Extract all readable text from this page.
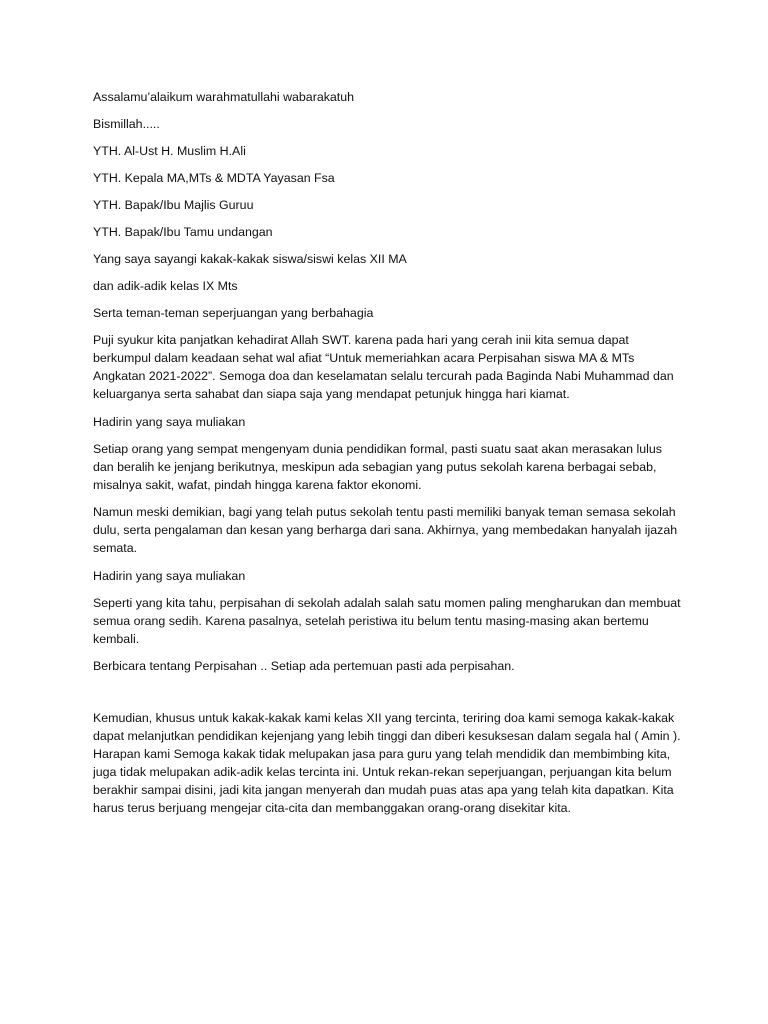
Assalamu’alaikum warahmatullahi wabarakatuh

Bismillah.....

YTH. Al-Ust H. Muslim H.Ali

YTH. Kepala MA,MTs & MDTA Yayasan Fsa

YTH. Bapak/Ibu Majlis Guruu

YTH. Bapak/Ibu Tamu undangan

Yang saya sayangi kakak-kakak siswa/siswi kelas XII MA

dan adik-adik kelas IX Mts

Serta teman-teman seperjuangan yang berbahagia

Puji syukur kita panjatkan kehadirat Allah SWT. karena pada hari yang cerah inii kita semua dapat berkumpul dalam keadaan sehat wal afiat “Untuk memeriahkan acara Perpisahan siswa MA & MTs Angkatan 2021-2022”. Semoga doa dan keselamatan selalu tercurah pada Baginda Nabi Muhammad dan keluarganya serta sahabat dan siapa saja yang mendapat petunjuk hingga hari kiamat.

Hadirin yang saya muliakan

Setiap orang yang sempat mengenyam dunia pendidikan formal, pasti suatu saat akan merasakan lulus dan beralih ke jenjang berikutnya, meskipun ada sebagian yang putus sekolah karena berbagai sebab, misalnya sakit, wafat, pindah hingga karena faktor ekonomi.

Namun meski demikian, bagi yang telah putus sekolah tentu pasti memiliki banyak teman semasa sekolah dulu, serta pengalaman dan kesan yang berharga dari sana. Akhirnya, yang membedakan hanyalah ijazah semata.

Hadirin yang saya muliakan

Seperti yang kita tahu, perpisahan di sekolah adalah salah satu momen paling mengharukan dan membuat semua orang sedih. Karena pasalnya, setelah peristiwa itu belum tentu masing-masing akan bertemu kembali.

Berbicara tentang Perpisahan .. Setiap ada pertemuan pasti ada perpisahan.

Kemudian, khusus untuk kakak-kakak kami kelas XII yang tercinta, teriring doa kami semoga kakak-kakak dapat melanjutkan pendidikan kejenjang yang lebih tinggi dan diberi kesuksesan dalam segala hal ( Amin ). Harapan kami Semoga kakak tidak melupakan jasa para guru yang telah mendidik dan membimbing kita, juga tidak melupakan adik-adik kelas tercinta ini. Untuk rekan-rekan seperjuangan, perjuangan kita belum berakhir sampai disini, jadi kita jangan menyerah dan mudah puas atas apa yang telah kita dapatkan. Kita harus terus berjuang mengejar cita-cita dan membanggakan orang-orang disekitar kita.
